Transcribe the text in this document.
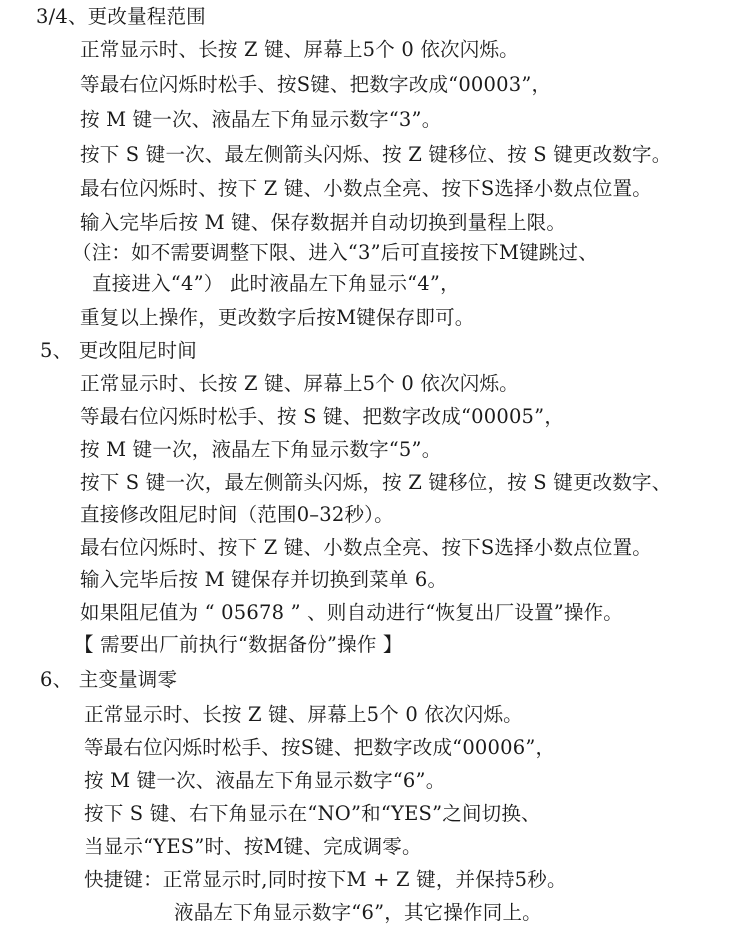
3/4、更改量程范围
正常显示时、长按 Z 键、屏幕上5个 0 依次闪烁。
等最右位闪烁时松手、按S键、把数字改成“00003”，
按 M 键一次、液晶左下角显示数字“3”。
按下 S 键一次、最左侧箭头闪烁、按 Z 键移位、按 S 键更改数字。
最右位闪烁时、按下 Z 键、小数点全亮、按下S选择小数点位置。
输入完毕后按 M 键、保存数据并自动切换到量程上限。
（注：如不需要调整下限、进入“3”后可直接按下M键跳过、
直接进入“4”） 此时液晶左下角显示“4”，
重复以上操作，更改数字后按M键保存即可。
5、 更改阻尼时间
正常显示时、长按 Z 键、屏幕上5个 0 依次闪烁。
等最右位闪烁时松手、按 S 键、把数字改成“00005”，
按 M 键一次，液晶左下角显示数字“5”。
按下 S 键一次，最左侧箭头闪烁，按 Z 键移位，按 S 键更改数字、
直接修改阻尼时间（范围0–32秒）。
最右位闪烁时、按下 Z 键、小数点全亮、按下S选择小数点位置。
输入完毕后按 M 键保存并切换到菜单 6。
如果阻尼值为 “ 05678 ” 、则自动进行“恢复出厂设置”操作。
【 需要出厂前执行“数据备份”操作 】
6、 主变量调零
正常显示时、长按 Z 键、屏幕上5个 0 依次闪烁。
等最右位闪烁时松手、按S键、把数字改成“00006”，
按 M 键一次、液晶左下角显示数字“6”。
按下 S 键、右下角显示在“NO”和“YES”之间切换、
当显示“YES”时、按M键、完成调零。
快捷键：正常显示时,同时按下M + Z 键，并保持5秒。
液晶左下角显示数字“6”，其它操作同上。
